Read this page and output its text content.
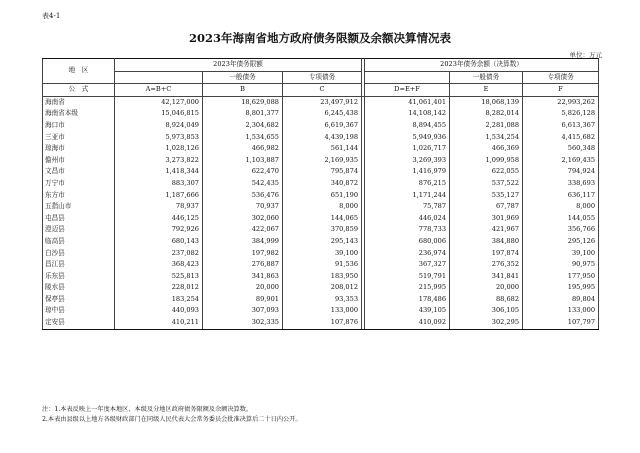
表4-1
2023年海南省地方政府债务限额及余额决算情况表
单位：万元
地　区	2023年债务限额				2023年债务余额（决算数）		
		一般债务	专项债务			一般债务	专项债务
公　式	A=B+C	B	C		D=E+F	E	F
海南省	42,127,000	18,629,088	23,497,912		41,061,401	18,068,139	22,993,262
海南省本级	15,046,815	8,801,377	6,245,438		14,108,142	8,282,014	5,826,128
海口市	8,924,049	2,304,682	6,619,367		8,894,455	2,281,088	6,613,367
三亚市	5,973,853	1,534,655	4,439,198		5,949,936	1,534,254	4,415,682
琼海市	1,028,126	466,982	561,144		1,026,717	466,369	560,348
儋州市	3,273,822	1,103,887	2,169,935		3,269,393	1,099,958	2,169,435
文昌市	1,418,344	622,470	795,874		1,416,979	622,055	794,924
万宁市	883,307	542,435	340,872		876,215	537,522	338,693
东方市	1,187,666	536,476	651,190		1,171,244	535,127	636,117
五指山市	78,937	70,937	8,000		75,787	67,787	8,000
屯昌县	446,125	302,060	144,065		446,024	301,969	144,055
澄迈县	792,926	422,067	370,859		778,733	421,967	356,766
临高县	680,143	384,999	295,143		680,006	384,880	295,126
白沙县	237,082	197,982	39,100		236,974	197,874	39,100
昌江县	368,423	276,887	91,536		367,327	276,352	90,975
乐东县	525,813	341,863	183,950		519,791	341,841	177,950
陵水县	228,012	20,000	208,012		215,995	20,000	195,995
保亭县	183,254	89,901	93,353		178,486	88,682	89,804
琼中县	440,093	307,093	133,000		439,105	306,105	133,000
定安县	410,211	302,335	107,876		410,092	302,295	107,797
注：1.本表反映上一年度本地区、本级及分地区政府债务限额及余额决算数。
2.本表由县级以上地方各级财政部门在同级人民代表大会常务委员会批准决算后二十日内公开。
